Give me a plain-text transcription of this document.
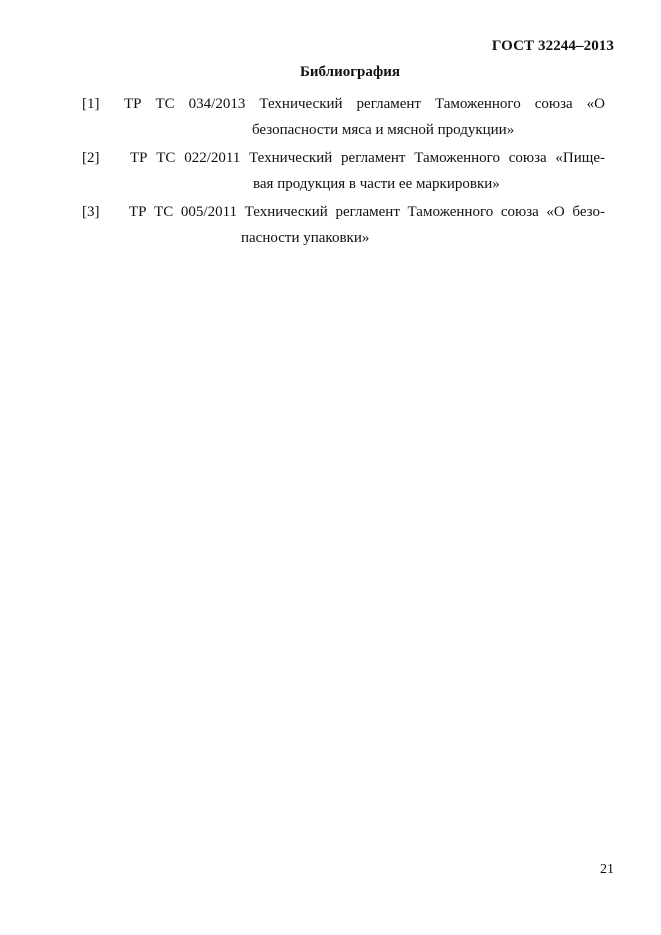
ГОСТ 32244–2013
Библиография
[1] ТР ТС 034/2013 Технический регламент Таможенного союза «О
безопасности мяса и мясной продукции»
[2] ТР ТС 022/2011 Технический регламент Таможенного союза «Пище-
вая продукция в части ее маркировки»
[3] ТР ТС 005/2011 Технический регламент Таможенного союза «О безо-
пасности упаковки»
21
